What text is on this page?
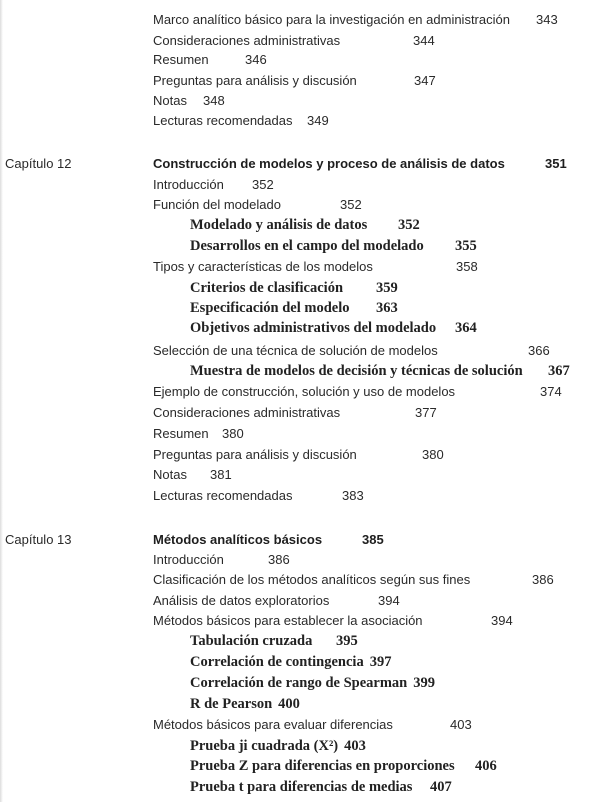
Marco analítico básico para la investigación en administración 343
Consideraciones administrativas	344
Resumen	346
Preguntas para análisis y discusión	347
Notas 348
Lecturas recomendadas 349
Capítulo 12	Construcción de modelos y proceso de análisis de datos	351
Introducción 352
Función del modelado	352
Modelado y análisis de datos 352
Desarrollos en el campo del modelado 355
Tipos y características de los modelos	358
Criterios de clasificación 359
Especificación del modelo 363
Objetivos administrativos del modelado 364
Selección de una técnica de solución de modelos	366
Muestra de modelos de decisión y técnicas de solución 367
Ejemplo de construcción, solución y uso de modelos	374
Consideraciones administrativas	377
Resumen 380
Preguntas para análisis y discusión	380
Notas 381
Lecturas recomendadas	383
Capítulo 13	Métodos analíticos básicos	385
Introducción	386
Clasificación de los métodos analíticos según sus fines	386
Análisis de datos exploratorios	394
Métodos básicos para establecer la asociación	394
Tabulación cruzada 395
Correlación de contingencia 397
Correlación de rango de Spearman 399
R de Pearson 400
Métodos básicos para evaluar diferencias	403
Prueba ji cuadrada (X²) 403
Prueba Z para diferencias en proporciones 406
Prueba t para diferencias de medias 407
